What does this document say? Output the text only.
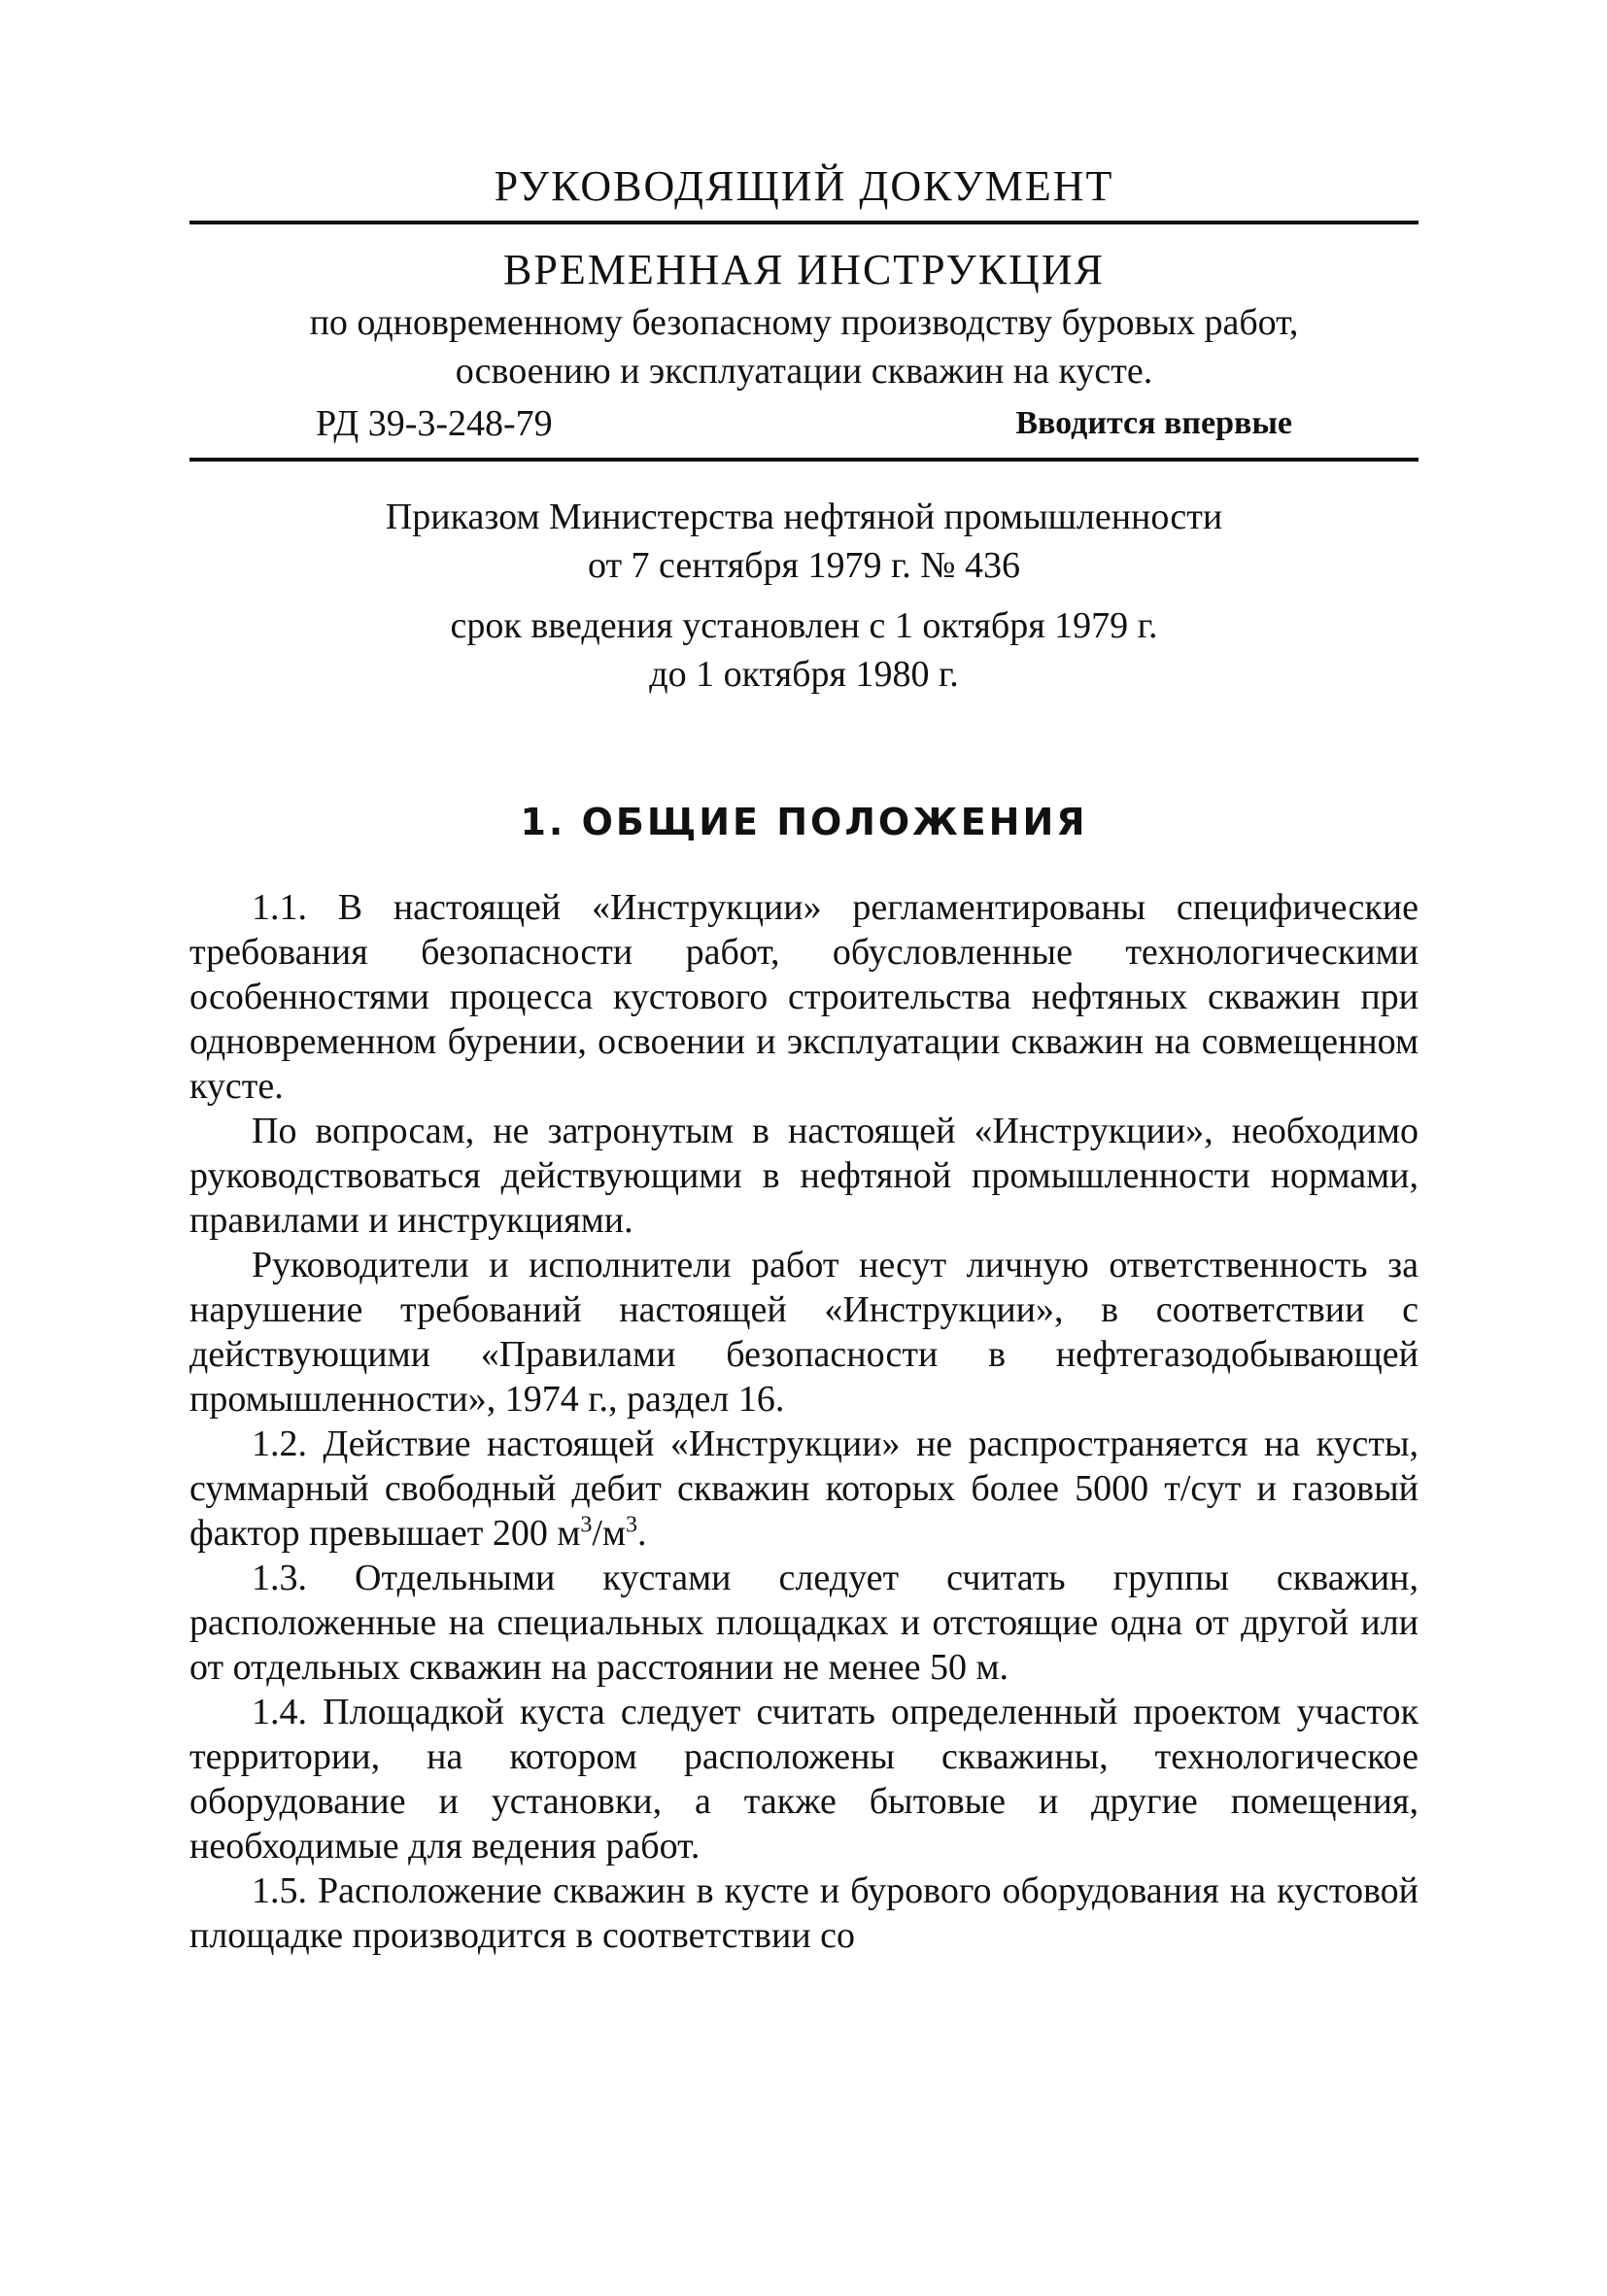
РУКОВОДЯЩИЙ ДОКУМЕНТ
ВРЕМЕННАЯ ИНСТРУКЦИЯ
по одновременному безопасному производству буровых работ,
освоению и эксплуатации скважин на кусте.
РД 39-3-248-79	Вводится впервые
Приказом Министерства нефтяной промышленности
от 7 сентября 1979 г. № 436
срок введения установлен с 1 октября 1979 г.
до 1 октября 1980 г.
1. ОБЩИЕ ПОЛОЖЕНИЯ

1.1. В настоящей «Инструкции» регламентированы специфические требования безопасности работ, обусловленные технологическими особенностями процесса кустового строительства нефтяных скважин при одновременном бурении, освоении и эксплуатации скважин на совмещенном кусте.

По вопросам, не затронутым в настоящей «Инструкции», необходимо руководствоваться действующими в нефтяной промышленности нормами, правилами и инструкциями.

Руководители и исполнители работ несут личную ответственность за нарушение требований настоящей «Инструкции», в соответствии с действующими «Правилами безопасности в нефтегазодобывающей промышленности», 1974 г., раздел 16.

1.2. Действие настоящей «Инструкции» не распространяется на кусты, суммарный свободный дебит скважин которых более 5000 т/сут и газовый фактор превышает 200 $м^3/м^3$.

1.3. Отдельными кустами следует считать группы скважин, расположенные на специальных площадках и отстоящие одна от другой или от отдельных скважин на расстоянии не менее 50 м.

1.4. Площадкой куста следует считать определенный проектом участок территории, на котором расположены скважины, технологическое оборудование и установки, а также бытовые и другие помещения, необходимые для ведения работ.

1.5. Расположение скважин в кусте и бурового оборудования на кустовой площадке производится в соответствии со
